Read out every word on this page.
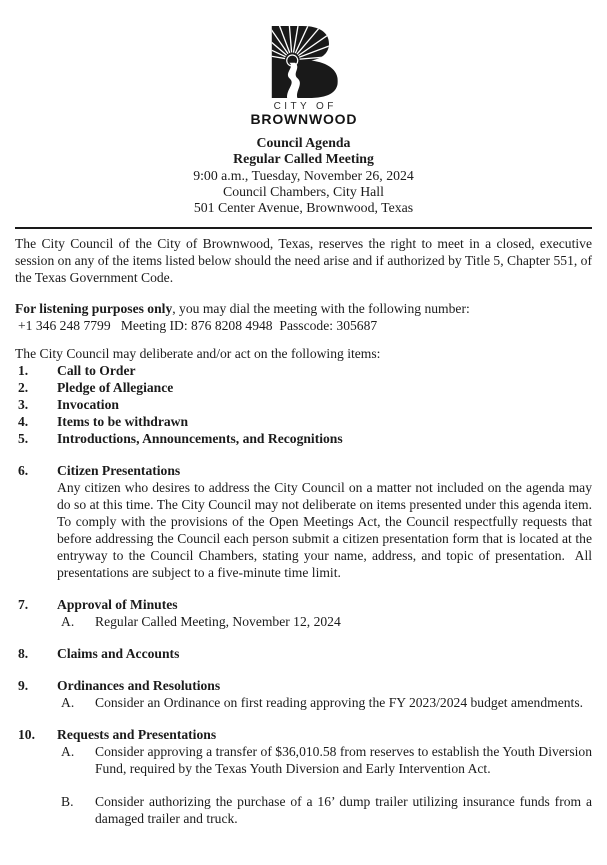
CITY OF
BROWNWOOD
Council Agenda
Regular Called Meeting
9:00 a.m., Tuesday, November 26, 2024
Council Chambers, City Hall
501 Center Avenue, Brownwood, Texas

The City Council of the City of Brownwood, Texas, reserves the right to meet in a closed, executive session on any of the items listed below should the need arise and if authorized by Title 5, Chapter 551, of the Texas Government Code.

For listening purposes only, you may dial the meeting with the following number:

+1 346 248 7799   Meeting ID: 876 8208 4948  Passcode: 305687

The City Council may deliberate and/or act on the following items:

1.	Call to Order
2.	Pledge of Allegiance
3.	Invocation
4.	Items to be withdrawn
5.	Introductions, Announcements, and Recognitions
6.	Citizen Presentations
Any citizen who desires to address the City Council on a matter not included on the agenda may do so at this time. The City Council may not deliberate on items presented under this agenda item.  To comply with the provisions of the Open Meetings Act, the Council respectfully requests that before addressing the Council each person submit a citizen presentation form that is located at the entryway to the Council Chambers, stating your name, address, and topic of presentation.  All presentations are subject to a five-minute time limit.
7.	Approval of Minutes
A.	Regular Called Meeting, November 12, 2024
8.	Claims and Accounts
9.	Ordinances and Resolutions
A.	Consider an Ordinance on first reading approving the FY 2023/2024 budget amendments.
10.	Requests and Presentations
A.	Consider approving a transfer of $36,010.58 from reserves to establish the Youth Diversion Fund, required by the Texas Youth Diversion and Early Intervention Act.
B.	Consider authorizing the purchase of a 16’ dump trailer utilizing insurance funds from a damaged trailer and truck.
